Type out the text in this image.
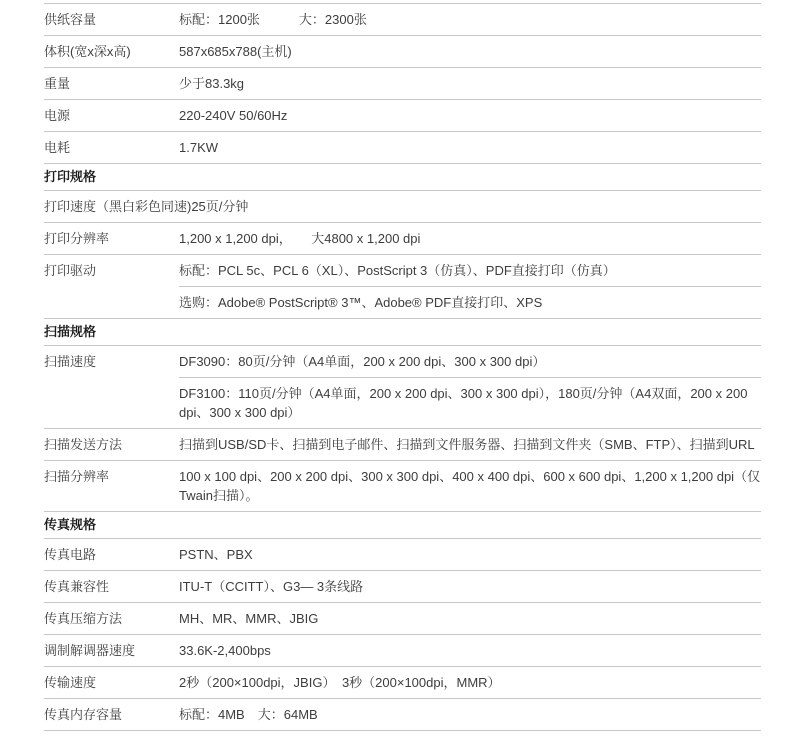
供纸容量	标配：1200张　　　大：2300张
体积(宽x深x高)	587x685x788(主机)
重量	少于83.3kg
电源	220-240V 50/60Hz
电耗	1.7KW
打印规格
打印速度（黑白彩色同速)25页/分钟
打印分辨率	1,200 x 1,200 dpi，　　大4800 x 1,200 dpi
打印驱动	标配：PCL 5c、PCL 6（XL）、PostScript 3（仿真）、PDF直接打印（仿真）
选购：Adobe® PostScript® 3™、Adobe® PDF直接打印、XPS
扫描规格
扫描速度	DF3090：80页/分钟（A4单面，200 x 200 dpi、300 x 300 dpi）
DF3100：110页/分钟（A4单面，200 x 200 dpi、300 x 300 dpi），180页/分钟（A4双面，200 x 200 dpi、300 x 300 dpi）
扫描发送方法	扫描到USB/SD卡、扫描到电子邮件、扫描到文件服务器、扫描到文件夹（SMB、FTP）、扫描到URL
扫描分辨率	100 x 100 dpi、200 x 200 dpi、300 x 300 dpi、400 x 400 dpi、600 x 600 dpi、1,200 x 1,200 dpi（仅Twain扫描）。
传真规格
传真电路	PSTN、PBX
传真兼容性	ITU-T（CCITT）、G3— 3条线路
传真压缩方法	MH、MR、MMR、JBIG
调制解调器速度	33.6K-2,400bps
传输速度	2秒（200×100dpi，JBIG）　3秒（200×100dpi，MMR）
传真内存容量	标配：4MB　大：64MB
